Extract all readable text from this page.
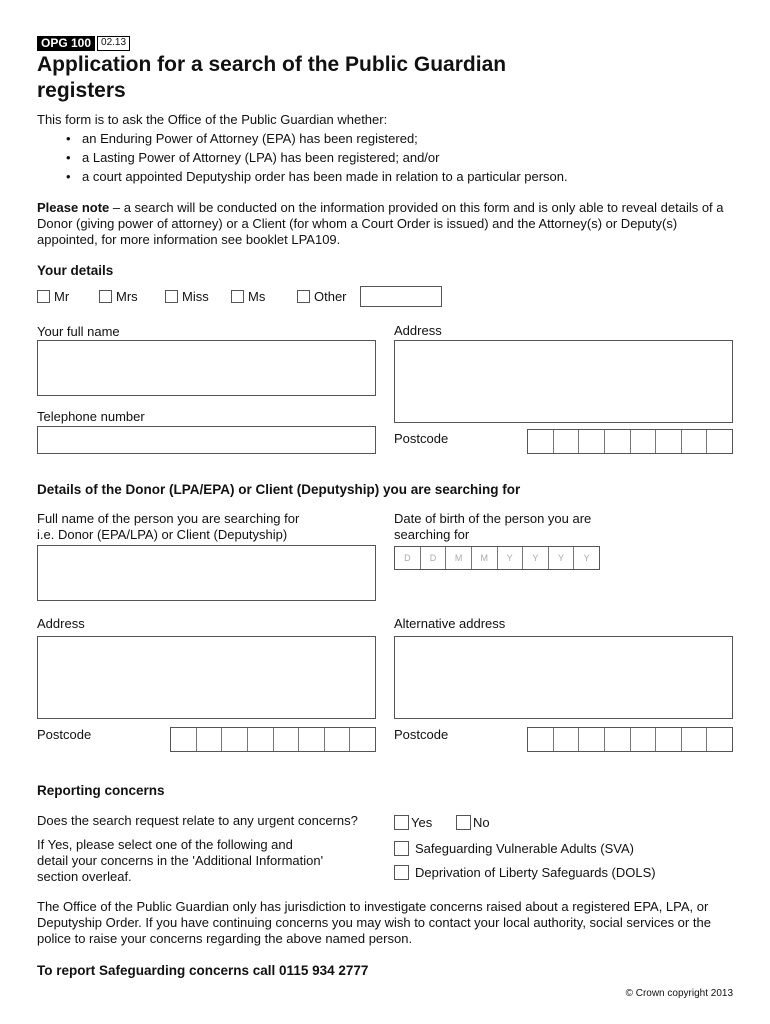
OPG 100	02.13
Application for a search of the Public Guardian registers
This form is to ask the Office of the Public Guardian whether:
• an Enduring Power of Attorney (EPA) has been registered;
• a Lasting Power of Attorney (LPA) has been registered; and/or
• a court appointed Deputyship order has been made in relation to a particular person.
Please note – a search will be conducted on the information provided on this form and is only able to reveal details of a Donor (giving power of attorney) or a Client (for whom a Court Order is issued) and the Attorney(s) or Deputy(s) appointed, for more information see booklet LPA109.
Your details
Mr	Mrs	Miss	Ms	Other
Your full name	Address
Telephone number
Postcode
Details of the Donor (LPA/EPA) or Client (Deputyship) you are searching for
Full name of the person you are searching for
i.e. Donor (EPA/LPA) or Client (Deputyship)
Date of birth of the person you are
searching for
D	D	M	M	Y	Y	Y	Y
Address	Alternative address
Postcode	Postcode
Reporting concerns
Does the search request relate to any urgent concerns?	Yes	No
If Yes, please select one of the following and
detail your concerns in the 'Additional Information'
section overleaf.
Safeguarding Vulnerable Adults (SVA)
Deprivation of Liberty Safeguards (DOLS)
The Office of the Public Guardian only has jurisdiction to investigate concerns raised about a registered EPA, LPA, or Deputyship Order. If you have continuing concerns you may wish to contact your local authority, social services or the police to raise your concerns regarding the above named person.
To report Safeguarding concerns call 0115 934 2777
© Crown copyright 2013
